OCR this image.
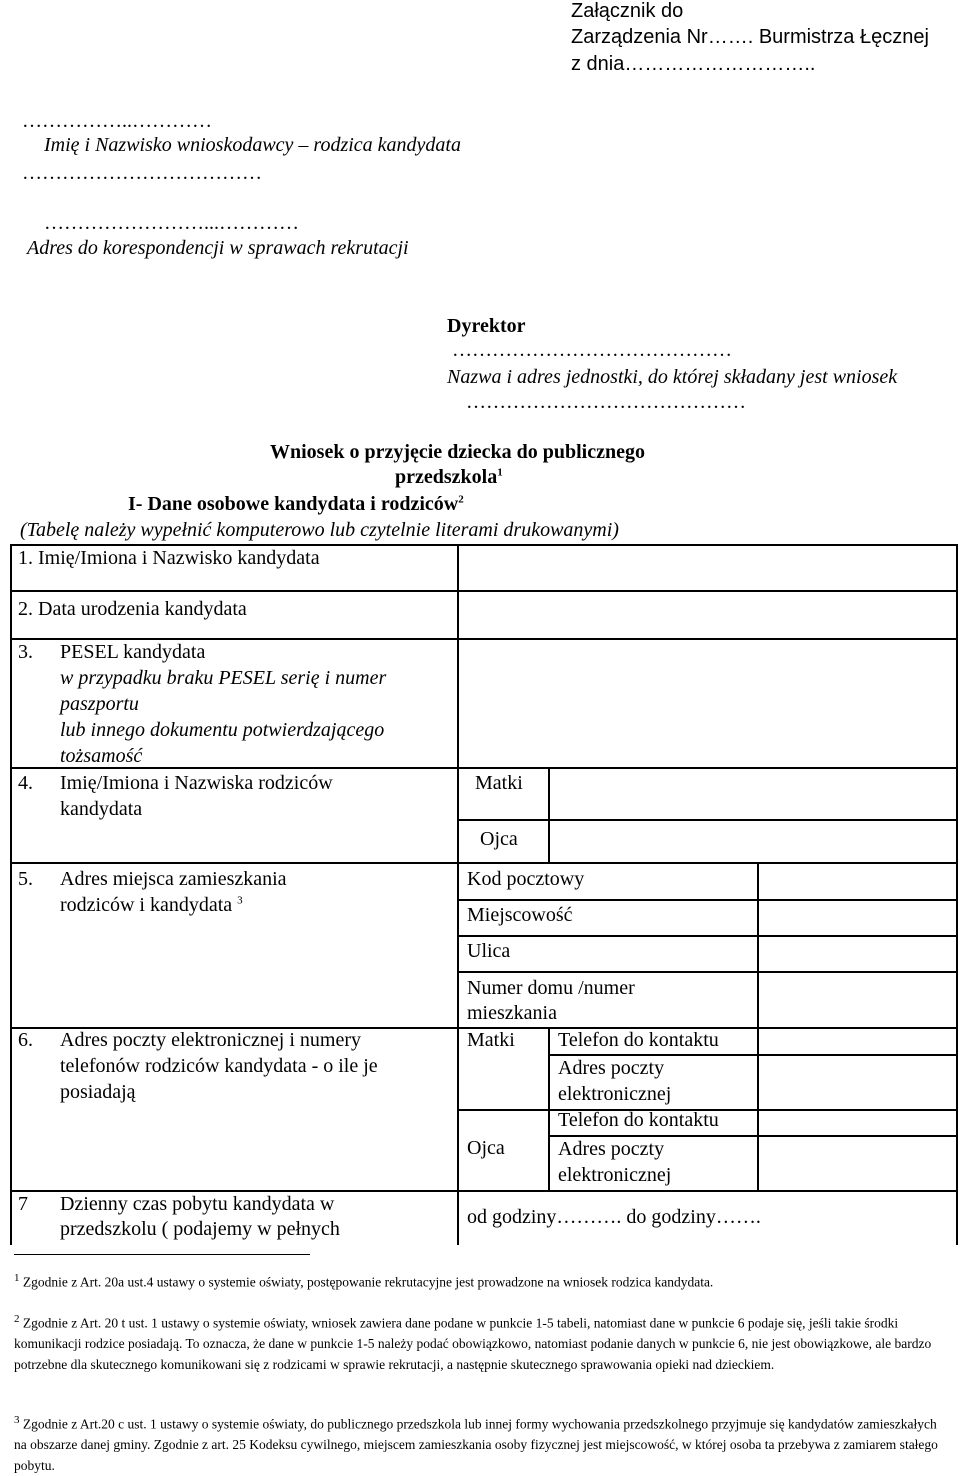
Załącznik do
Zarządzenia Nr……. Burmistrza Łęcznej
z dnia………………………..
……………..…………
Imię i Nazwisko wnioskodawcy – rodzica kandydata
………………………………
……………………...…………
Adres do korespondencji w sprawach rekrutacji
Dyrektor
……………………………………
Nazwa i adres jednostki, do której składany jest wniosek
……………………………………
Wniosek o przyjęcie dziecka do publicznego
przedszkola$^1$
I- Dane osobowe kandydata i rodziców$^2$
(Tabelę należy wypełnić komputerowo lub czytelnie literami drukowanymi)
1. Imię/Imiona i Nazwisko kandydata
2. Data urodzenia kandydata
3. PESEL kandydata
w przypadku braku PESEL serię i numer
paszportu
lub innego dokumentu potwierdzającego
tożsamość
4. Imię/Imiona i Nazwiska rodziców
kandydata
Matki
Ojca
5. Adres miejsca zamieszkania
rodziców i kandydata $^3$
Kod pocztowy
Miejscowość
Ulica
Numer domu /numer
mieszkania
6. Adres poczty elektronicznej i numery
telefonów rodziców kandydata - o ile je
posiadają
Matki
Ojca
Telefon do kontaktu
Adres poczty
elektronicznej
Telefon do kontaktu
Adres poczty
elektronicznej
7 Dzienny czas pobytu kandydata w
przedszkolu ( podajemy w pełnych
od godziny………. do godziny…….
$^1$ Zgodnie z Art. 20a ust.4 ustawy o systemie oświaty, postępowanie rekrutacyjne jest prowadzone na wniosek rodzica kandydata.
$^2$ Zgodnie z Art. 20 t ust. 1 ustawy o systemie oświaty, wniosek zawiera dane podane w punkcie 1-5 tabeli, natomiast dane w punkcie 6 podaje się, jeśli takie środki komunikacji rodzice posiadają. To oznacza, że dane w punkcie 1-5 należy podać obowiązkowo, natomiast podanie danych w punkcie 6, nie jest obowiązkowe, ale bardzo potrzebne dla skutecznego komunikowani się z rodzicami w sprawie rekrutacji, a następnie skutecznego sprawowania opieki nad dzieckiem.
$^3$ Zgodnie z Art.20 c ust. 1 ustawy o systemie oświaty, do publicznego przedszkola lub innej formy wychowania przedszkolnego przyjmuje się kandydatów zamieszkałych na obszarze danej gminy. Zgodnie z art. 25 Kodeksu cywilnego, miejscem zamieszkania osoby fizycznej jest miejscowość, w której osoba ta przebywa z zamiarem stałego pobytu.
